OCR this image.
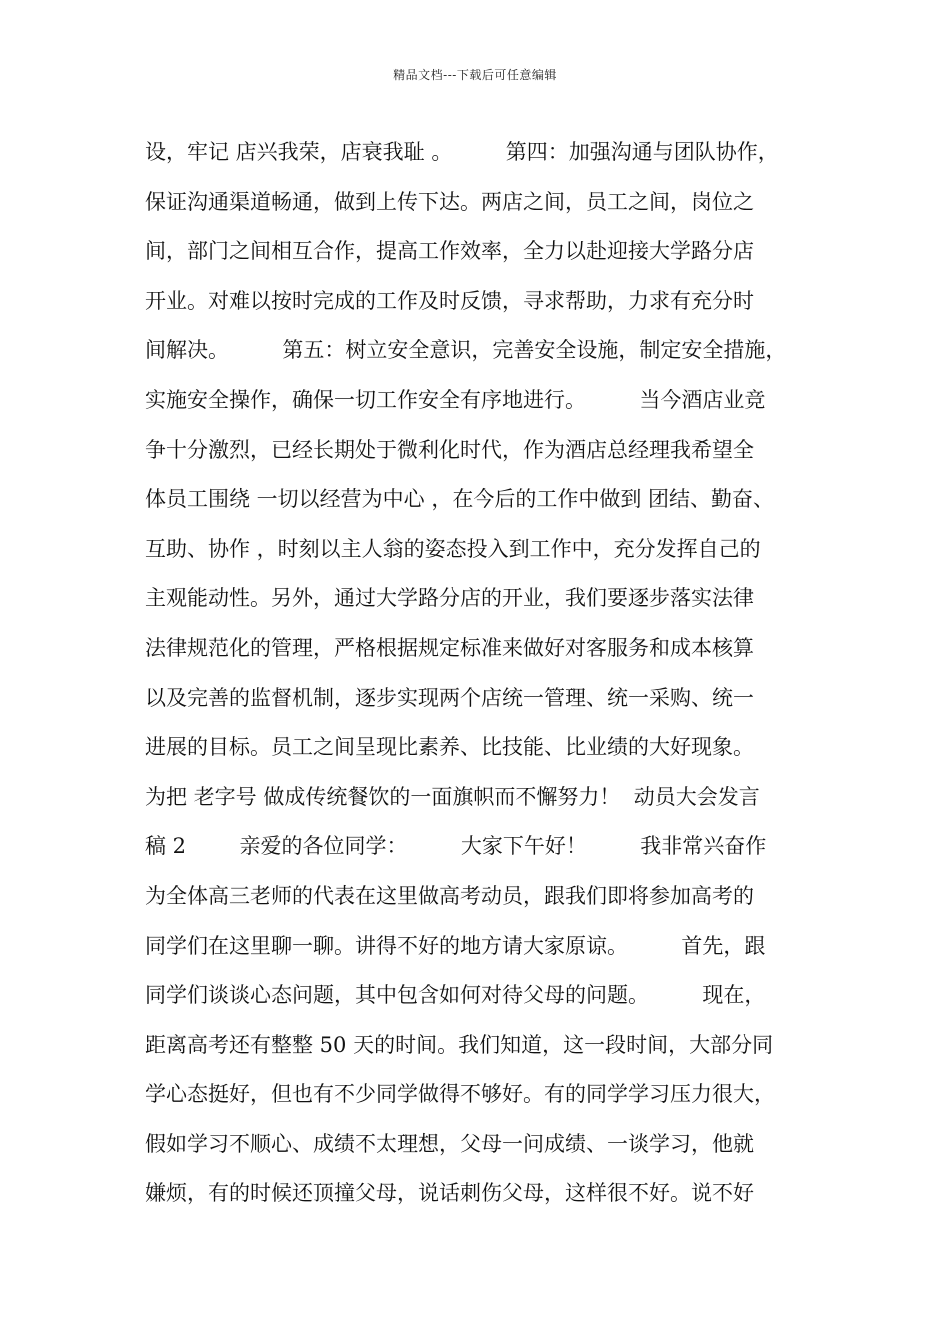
精品文档---下载后可任意编辑
设，牢记 店兴我荣，店衰我耻 。        第四：加强沟通与团队协作，
保证沟通渠道畅通，做到上传下达。两店之间，员工之间，岗位之
间，部门之间相互合作，提高工作效率，全力以赴迎接大学路分店
开业。对难以按时完成的工作及时反馈，寻求帮助，力求有充分时
间解决。        第五：树立安全意识，完善安全设施，制定安全措施，
实施安全操作，确保一切工作安全有序地进行。        当今酒店业竞
争十分激烈，已经长期处于微利化时代，作为酒店总经理我希望全
体员工围绕 一切以经营为中心 ，在今后的工作中做到 团结、勤奋、
互助、协作 ，时刻以主人翁的姿态投入到工作中，充分发挥自己的
主观能动性。另外，通过大学路分店的开业，我们要逐步落实法律
法律规范化的管理，严格根据规定标准来做好对客服务和成本核算
以及完善的监督机制，逐步实现两个店统一管理、统一采购、统一
进展的目标。员工之间呈现比素养、比技能、比业绩的大好现象。
为把 老字号 做成传统餐饮的一面旗帜而不懈努力！  动员大会发言
稿 2        亲爱的各位同学：        大家下午好！        我非常兴奋作
为全体高三老师的代表在这里做高考动员，跟我们即将参加高考的
同学们在这里聊一聊。讲得不好的地方请大家原谅。        首先，跟
同学们谈谈心态问题，其中包含如何对待父母的问题。        现在，
距离高考还有整整 50 天的时间。我们知道，这一段时间，大部分同
学心态挺好，但也有不少同学做得不够好。有的同学学习压力很大，
假如学习不顺心、成绩不太理想，父母一问成绩、一谈学习，他就
嫌烦，有的时候还顶撞父母，说话刺伤父母，这样很不好。说不好
